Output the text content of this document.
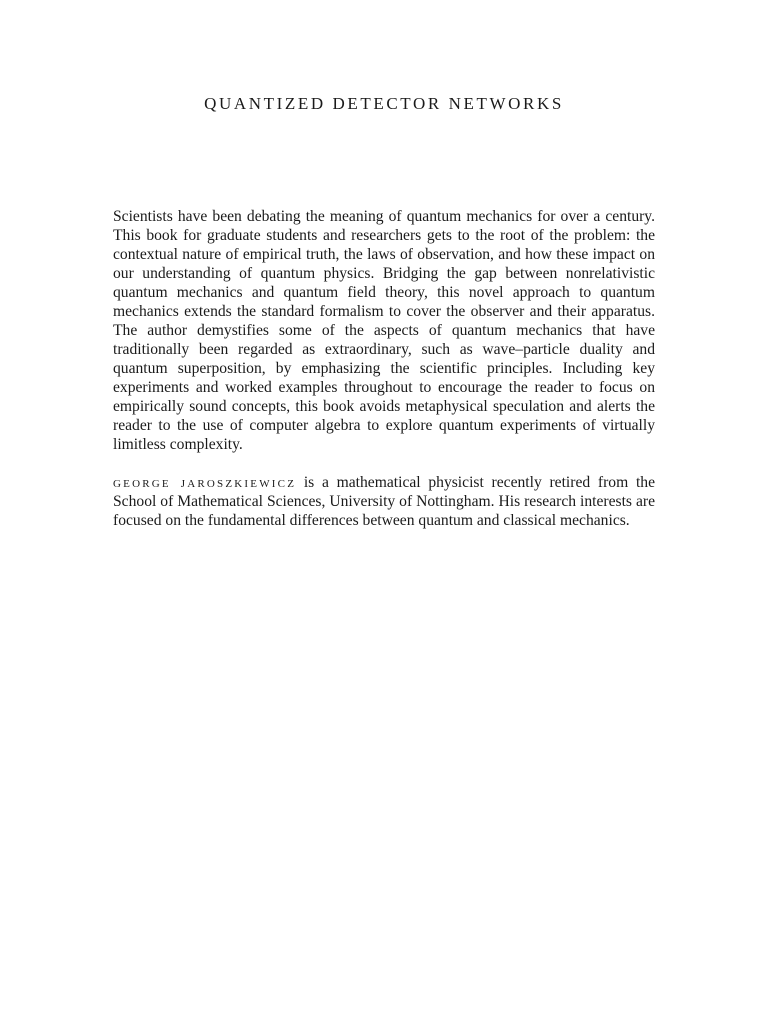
QUANTIZED DETECTOR NETWORKS

Scientists have been debating the meaning of quantum mechanics for over a century. This book for graduate students and researchers gets to the root of the problem: the contextual nature of empirical truth, the laws of observation, and how these impact on our understanding of quantum physics. Bridging the gap between nonrelativistic quantum mechanics and quantum field theory, this novel approach to quantum mechanics extends the standard formalism to cover the observer and their apparatus. The author demystifies some of the aspects of quantum mechanics that have traditionally been regarded as extraordinary, such as wave–particle duality and quantum superposition, by emphasizing the scientific principles. Including key experiments and worked examples throughout to encourage the reader to focus on empirically sound concepts, this book avoids metaphysical speculation and alerts the reader to the use of computer algebra to explore quantum experiments of virtually limitless complexity.

george jaroszkiewicz is a mathematical physicist recently retired from the School of Mathematical Sciences, University of Nottingham. His research interests are focused on the fundamental differences between quantum and classical mechanics.
